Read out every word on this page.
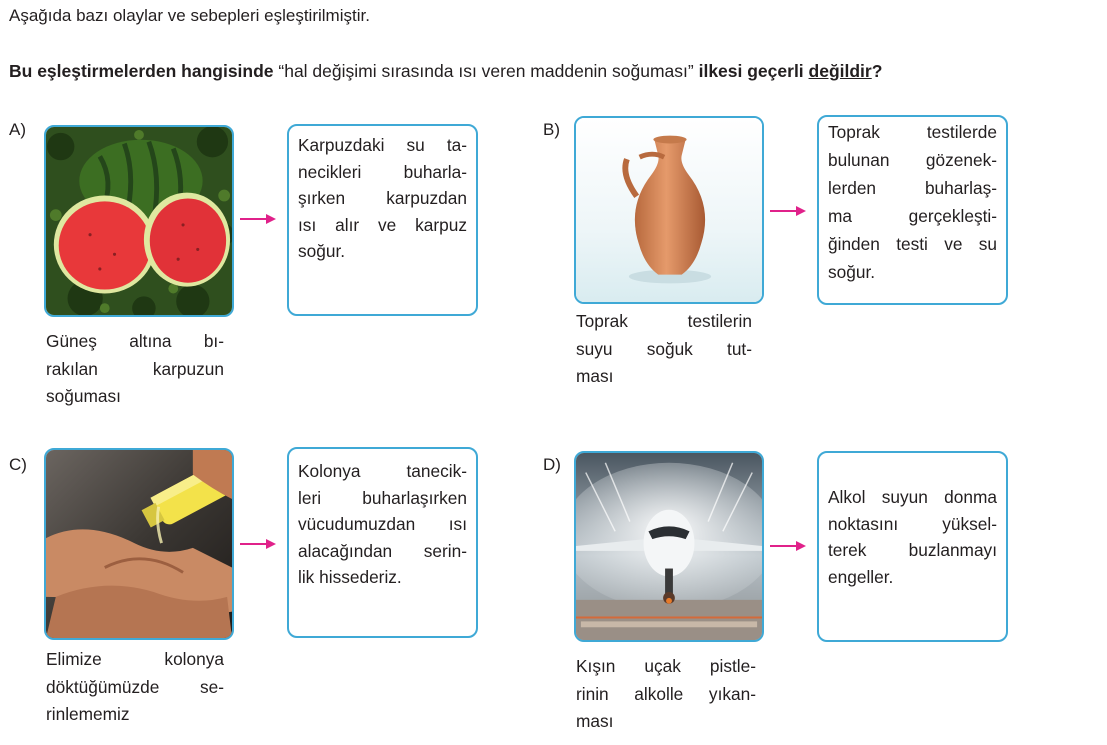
Aşağıda bazı olaylar ve sebepleri eşleştirilmiştir.
Bu eşleştirmelerden hangisinde “hal değişimi sırasında ısı veren maddenin soğuması” ilkesi geçerli değildir?
A)
Karpuzdaki su ta-
necikleri buharla-
şırken karpuzdan
ısı alır ve karpuz
soğur.
Güneş altına bı-
rakılan karpuzun
soğuması
B)	Toprak testilerde
bulunan gözenek-
lerden buharlaş-
ma gerçekleşti-
ğinden testi ve su
soğur.
Toprak testilerin
suyu soğuk tut-
ması
C)	Kolonya tanecik-
leri buharlaşırken
vücudumuzdan ısı
alacağından serin-
lik hissederiz.
Elimize kolonya
döktüğümüzde se-
rinlememiz
D)
Alkol suyun donma
noktasını yüksel-
terek buzlanmayı
engeller.
Kışın uçak pistle-
rinin alkolle yıkan-
ması
